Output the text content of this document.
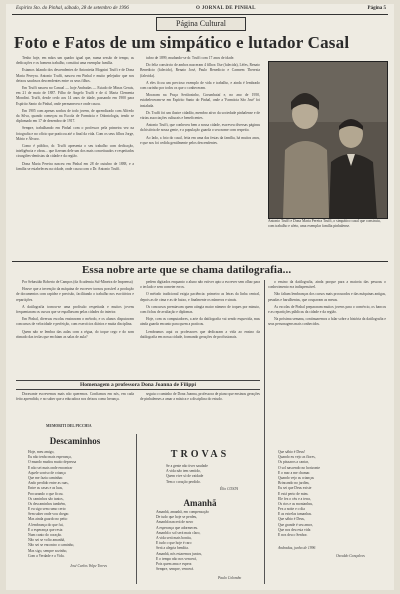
Espírito Sto. do Pinhal, sábado, 28 de setembro de 1996	O JORNAL DE PINHAL	Página 5
Página Cultural
Foto e Fatos de um simpático e lutador Casal

Tenho hoje, em mãos um quadro igual que, numa sessão de tempo, as dedicações e os homens trabalho, constitui uma exemplar família.

Estamos falando dos descendentes de Antonietta Mognini Truffi e de Dona Maria Pereyra. Antonio Truffi, nasceu em Pinhal e muito pelejador que nos deixou saudosos descendentes entre os seus filhos.

Em Truffi nasceu no Canoal — hoje Andradas — Estado de Minas Gerais, em 21 de maio de 1887. Filho de Angelo Truffi e de d. Maria Clementa Mondini. Truffi, desde cedo aos 14 anos de idade, passando em 1900 para Espírito Santo do Pinhal, onde permaneceu e onde casou.

Em 1905 com apenas sonhos de todo jovem, de aprendizado com Alfredo da Silva, quando começou na Escola de Farmácia e Odontologia, tendo se diplomado em 17 de dezembro de 1917.

Sempre, trabalhando em Pinhal com o professor pela primeira vez na fotografia e no ofício que praticou até o final da vida. Com os seus filhos Jorge, Mário e Álvaro.

Como é público, dr. Truffi apresenta o seu trabalho com dedicação, inteligência e obras... que fizeram dele um dos mais conceituados e respeitados cirurgiões-dentistas da cidade e da região.

Dona Maria Pereira nasceu em Pinhal em 28 de outubro de 1888, e a família se estabeleceu na cidade, onde casou com o Dr. Antonio Truffi.

tubro de 1899, mudando-se dr. Truffi com 17 anos de idade.

Do feliz consórcio de ambos nasceram 4 filhos: Ilse (falecida), Léfes, Renato Benedicto (falecido), Renato José, Paulo Benedicto e Carmem Therezia (falecida).

A eles ficou um precioso exemplo de vida e trabalho, e ainda é lembrado com carinho por todos os que o conheceram.

Moraram na Praça Sertãozinho, Corumbataí e, no ano de 1950, estabeleceram-se em Espírito Santo do Pinhal, onde a 'Farmácia São José' foi instalada.

Dr. Truffi foi um ilustre cidadão, membro ativo da sociedade pinhalense e de várias associações culturais e beneficentes.

Antonio Truffi, que conheceu bem a nossa cidade, escreveu diversas páginas da história de nossa gente, e a população guarda o seu nome com respeito.

Ao lado, a foto do casal, feita em uma das festas da família, há muitos anos, e que nos foi cedida gentilmente pelos descendentes.

Antonio Truffi e Dona Maria Pereira Truffi, o simpático casal que construiu, com trabalho e afeto, uma exemplar família pinhalense.
Essa nobre arte que se chama datilografia...

Por Sebastião Roberto de Campos (da Academia Sul-Mineira de Imprensa)

Houve que a invenção da máquina de escrever tornou possível a produção de documentos com rapidez e precisão, facilitando o trabalho nos escritórios e repartições.

A datilografia tornou-se uma profissão respeitada e muitos jovens frequentaram os cursos que se espalhavam pelas cidades do interior.

Em Pinhal, diversas escolas ensinavam o método, e os alunos disputavam concursos de velocidade e perfeição, com exercícios diários e muita disciplina.

Quem não se lembra das aulas com a régua, do toque cego e do som ritmado das teclas que enchiam as salas de aula?

pedem digitados enquanto o aluno não estiver apto a escrever sem olhar para o teclado e sem cometer erros.

O método tradicional exigia paciência: primeiro as letras da linha central, depois as de cima e as de baixo, e finalmente os números e sinais.

Os concursos premiavam quem atingia maior número de toques por minuto, com fichas de avaliação e diplomas.

Hoje, com os computadores, a arte da datilografia vai sendo esquecida, mas ainda guarda encanto para quem a praticou.

Lembramos aqui os professores que dedicaram a vida ao ensino da datilografia em nossa cidade, formando gerações de profissionais.

o ensino da datilografia, ainda porque para a maioria das pessoas o conhecimento era indispensável.

Não faltam lembranças dos cursos mais procurados e das máquinas antigas, pesadas e barulhentas, que ocupavam as mesas.

As escolas de Pinhal prepararam muitos jovens para o comércio, os bancos e as repartições públicas da cidade e da região.

Na próxima semana, continuaremos a falar sobre a história da datilografia e seus personagens mais conhecidos.

Homenagem a professora Dona Joanna de Filippi

Doravante escrevemos mais não queremos. Confiamos em nós, em cada feito aprendido, e no saber que a educadora nos deixou como herança.

MEMORITI DEL PICCHIA

seguiu o caminho de Dona Joanna, professora de piano que ensinou gerações de pinhalenses a amar a música e a disciplina do estudo.

Descaminhos
Hoje, meu amigo,
Eu não tenho mais esperança,
O mundo mudou muito depressa
E não sei mais onde encontrar
Aquele sorriso de criança
Que me fazia caminhar.
Ando perdido entre as ruas,
Entre as casas e as luas,
Procurando o que ficou.
Os caminhos são tantos,
Os descaminhos também,
E eu sigo sem rumo certo
Sem saber onde vou chegar.
Mas ainda guardo no peito
A lembrança do que fui,
E a esperança que resta
Num canto do coração.
Não sei se volto amanhã,
Não sei se encontro o caminho,
Mas sigo, sempre sozinho,
Com a Verdade e a Vida.
José Carlos Volpe Torres
TROVAS
Se a gente não tiver saudade
A vida não tem sentido,
Quem vive só de vaidade
Tem o coração perdido.
Élio COSTA
Amanhã
Amanhã, amanhã, em compensação
De tudo que hoje se perdeu,
Amanhã nascerá de novo
A esperança que adormeceu.
Amanhã o sol será mais claro,
A vida será mais bonita,
E tudo o que hoje é raro
Será a alegria bendita.
Amanhã, nós estaremos juntos,
E o tempo não nos vencerá,
Pois quem ama e espera
Sempre, sempre, vencerá.
Paulo Colombo
Que sábio é Deus!
Quando eu vejo as flores,
Os pássaros a cantar,
O sol nascendo no horizonte
E o mar a me chamar.
Quando vejo as crianças
Brincando no jardim,
Eu sei que Deus existe
E está perto de mim.
Ele fez o céu e a terra,
Os rios e as montanhas,
Fez a noite e o dia
E as estrelas tamanhas.
Que sábio é Deus,
Que grande é seu amor,
Que nos deu esta vida
E nos deu o Senhor.
Andradas, junho de 1996
Osvaldo Gonçalves
